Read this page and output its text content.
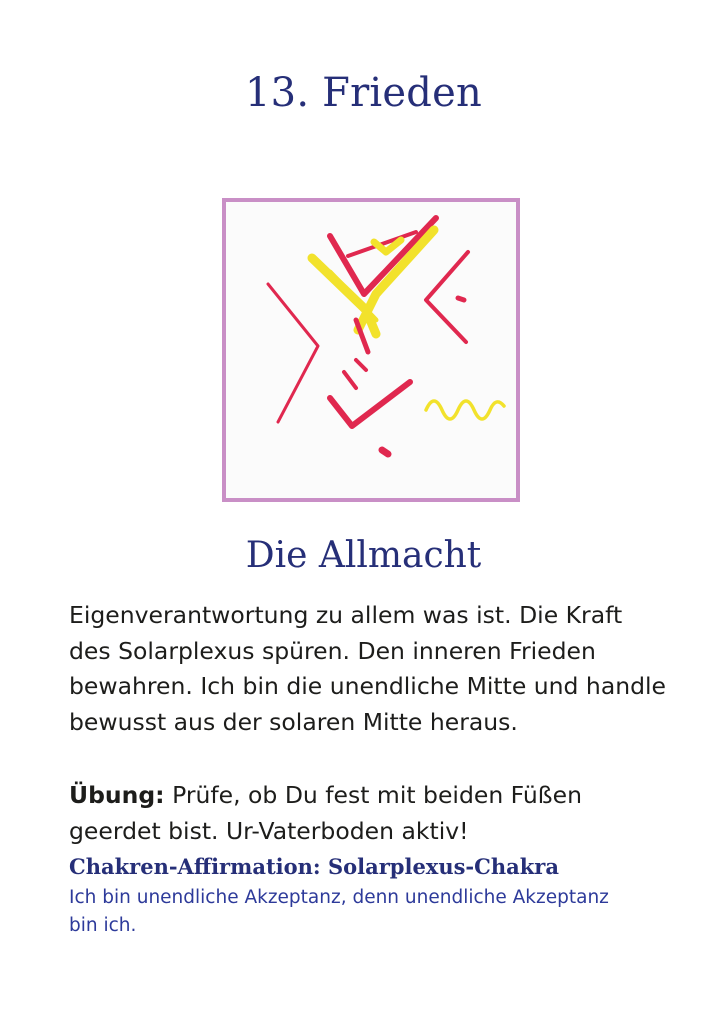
13. Frieden
Die Allmacht
Eigenverantwortung zu allem was ist. Die Kraft des Solarplexus spüren. Den inneren Frieden bewahren. Ich bin die unendliche Mitte und handle bewusst aus der solaren Mitte heraus.
Übung: Prüfe, ob Du fest mit beiden Füßen geerdet bist. Ur-Vaterboden aktiv!
Chakren-Affirmation: Solarplexus-Chakra
Ich bin unendliche Akzeptanz, denn unendliche Akzeptanz bin ich.
